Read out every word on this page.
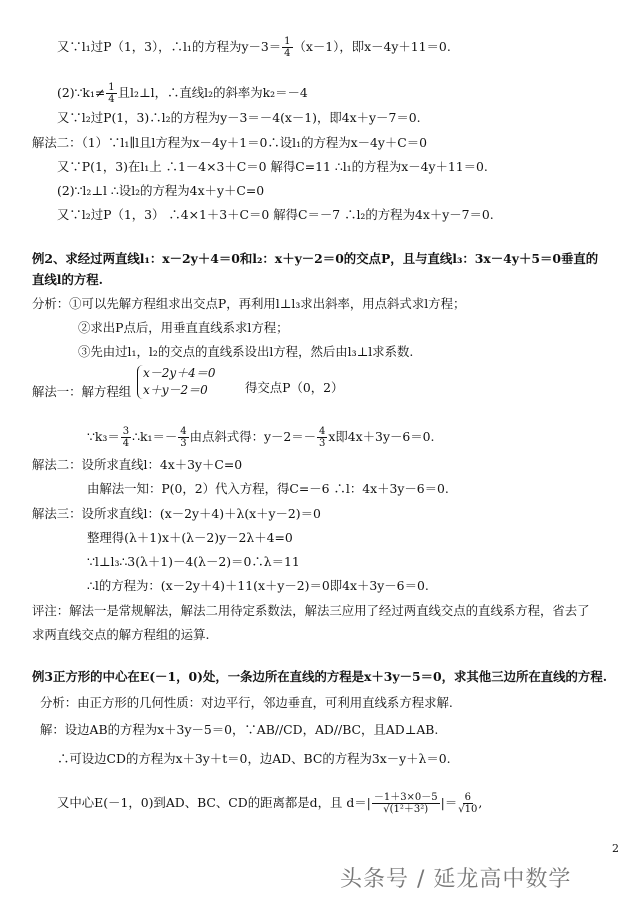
又∵l₁过P（1，3），∴l₁的方程为$y-3= \frac{1}{4} (x-1)$，即x－4y＋11＝0.
(2)∵k₁≠ $\frac{1}{4}$ 且l₂⊥l，∴直线l₂的斜率为k₂＝－4
又∵l₂过P(1，3)∴l₂的方程为y－3＝－4(x－1)，即4x＋y－7＝0.
解法二：（1）∵l₁∥l且l方程为x－4y＋1＝0∴设l₁的方程为x－4y＋C＝0
又∵P(1，3)在l₁上 ∴1－4×3＋C＝0 解得C=11 ∴l₁的方程为x－4y＋11＝0.
(2)∵l₂⊥l ∴设l₂的方程为4x＋y＋C=0
又∵l₂过P（1，3） ∴4×1＋3＋C＝0 解得C＝－7 ∴l₂的方程为4x＋y－7＝0.
例2、求经过两直线l₁：x－2y＋4＝0和l₂：x＋y－2＝0的交点P，且与直线l₃：3x－4y＋5＝0垂直的
直线l的方程.
分析：①可以先解方程组求出交点P，再利用l⊥l₃求出斜率，用点斜式求l方程；
②求出P点后，用垂直直线系求l方程；
③先由过l₁，l₂的交点的直线系设出l方程，然后由l₃⊥l求系数.
x－2y＋4＝0
x＋y－2＝0
解法一：解方程组	得交点P（0，2）
∵k₃＝ $\frac{3}{4}$ ∴k₁＝－ $\frac{4}{3}$ 由点斜式得：$y-2=- \frac{4}{3}$ x即4x＋3y－6＝0.
解法二：设所求直线l：4x＋3y＋C=0
由解法一知：P(0，2）代入方程，得C=－6 ∴l：4x＋3y－6＝0.
解法三：设所求直线l：(x－2y＋4)＋λ(x＋y－2)＝0
整理得(λ＋1)x＋(λ－2)y－2λ＋4=0
∵l⊥l₃∴3(λ＋1)－4(λ－2)＝0∴λ＝11
∴l的方程为：(x－2y＋4)＋11(x＋y－2)＝0即4x＋3y－6＝0.
评注：解法一是常规解法，解法二用待定系数法，解法三应用了经过两直线交点的直线系方程，省去了
求两直线交点的解方程组的运算.
例3正方形的中心在E(－1，0)处，一条边所在直线的方程是x＋3y－5＝0，求其他三边所在直线的方程.
分析：由正方形的几何性质：对边平行，邻边垂直，可利用直线系方程求解.
解：设边AB的方程为x＋3y－5＝0，∵AB//CD，AD//BC，且AD⊥AB.
∴可设边CD的方程为x＋3y＋t＝0，边AD、BC的方程为3x－y＋λ＝0.
又中心E(－1，0)到AD、BC、CD的距离都是d，且 $d=| \frac{-1+3\times 0-5}{\text{√(1²＋3²)}}$ |＝ $\frac{6}{√10}$ ,
2
头条号 / 延龙高中数学
